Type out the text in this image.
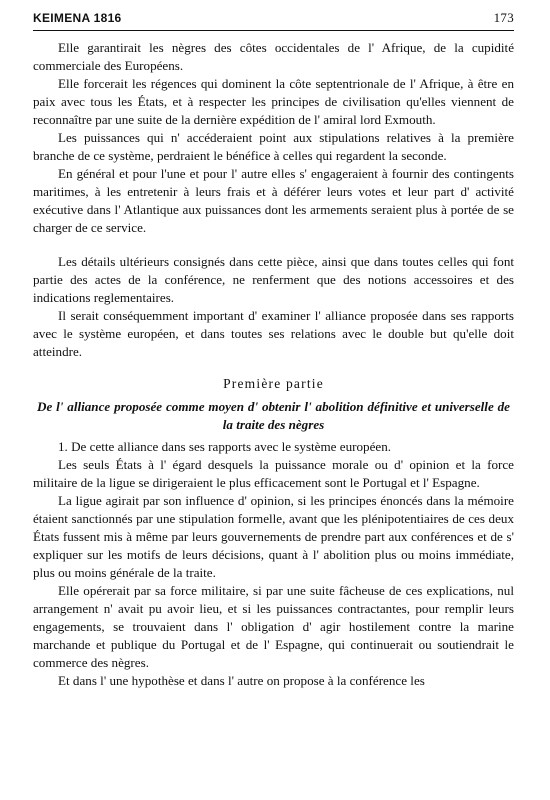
KEIMENA 1816	173

Elle garantirait les nègres des côtes occidentales de l' Afrique, de la cupidité commerciale des Européens.

Elle forcerait les régences qui dominent la côte septentrionale de l' Afrique, à être en paix avec tous les États, et à respecter les principes de civilisation qu'elles viennent de reconnaître par une suite de la dernière expédition de l' amiral lord Exmouth.

Les puissances qui n' accéderaient point aux stipulations relatives à la première branche de ce système, perdraient le bénéfice à celles qui regardent la seconde.

En général et pour l'une et pour l' autre elles s' engageraient à fournir des contingents maritimes, à les entretenir à leurs frais et à déférer leurs votes et leur part d' activité exécutive dans l' Atlantique aux puissances dont les armements seraient plus à portée de se charger de ce service.

Les détails ultérieurs consignés dans cette pièce, ainsi que dans toutes celles qui font partie des actes de la conférence, ne renferment que des notions accessoires et des indications reglementaires.

Il serait conséquemment important d' examiner l' alliance proposée dans ses rapports avec le système européen, et dans toutes ses relations avec le double but qu'elle doit atteindre.

Première partie
De l' alliance proposée comme moyen d' obtenir l' abolition définitive et universelle de la traite des nègres

1. De cette alliance dans ses rapports avec le système européen.

Les seuls États à l' égard desquels la puissance morale ou d' opinion et la force militaire de la ligue se dirigeraient le plus efficacement sont le Portugal et l' Espagne.

La ligue agirait par son influence d' opinion, si les principes énoncés dans la mémoire étaient sanctionnés par une stipulation formelle, avant que les plénipotentiaires de ces deux États fussent mis à même par leurs gouvernements de prendre part aux conférences et de s' expliquer sur les motifs de leurs décisions, quant à l' abolition plus ou moins immédiate, plus ou moins générale de la traite.

Elle opérerait par sa force militaire, si par une suite fâcheuse de ces explications, nul arrangement n' avait pu avoir lieu, et si les puissances contractantes, pour remplir leurs engagements, se trouvaient dans l' obligation d' agir hostilement contre la marine marchande et publique du Portugal et de l' Espagne, qui continuerait ou soutiendrait le commerce des nègres.

Et dans l' une hypothèse et dans l' autre on propose à la conférence les
